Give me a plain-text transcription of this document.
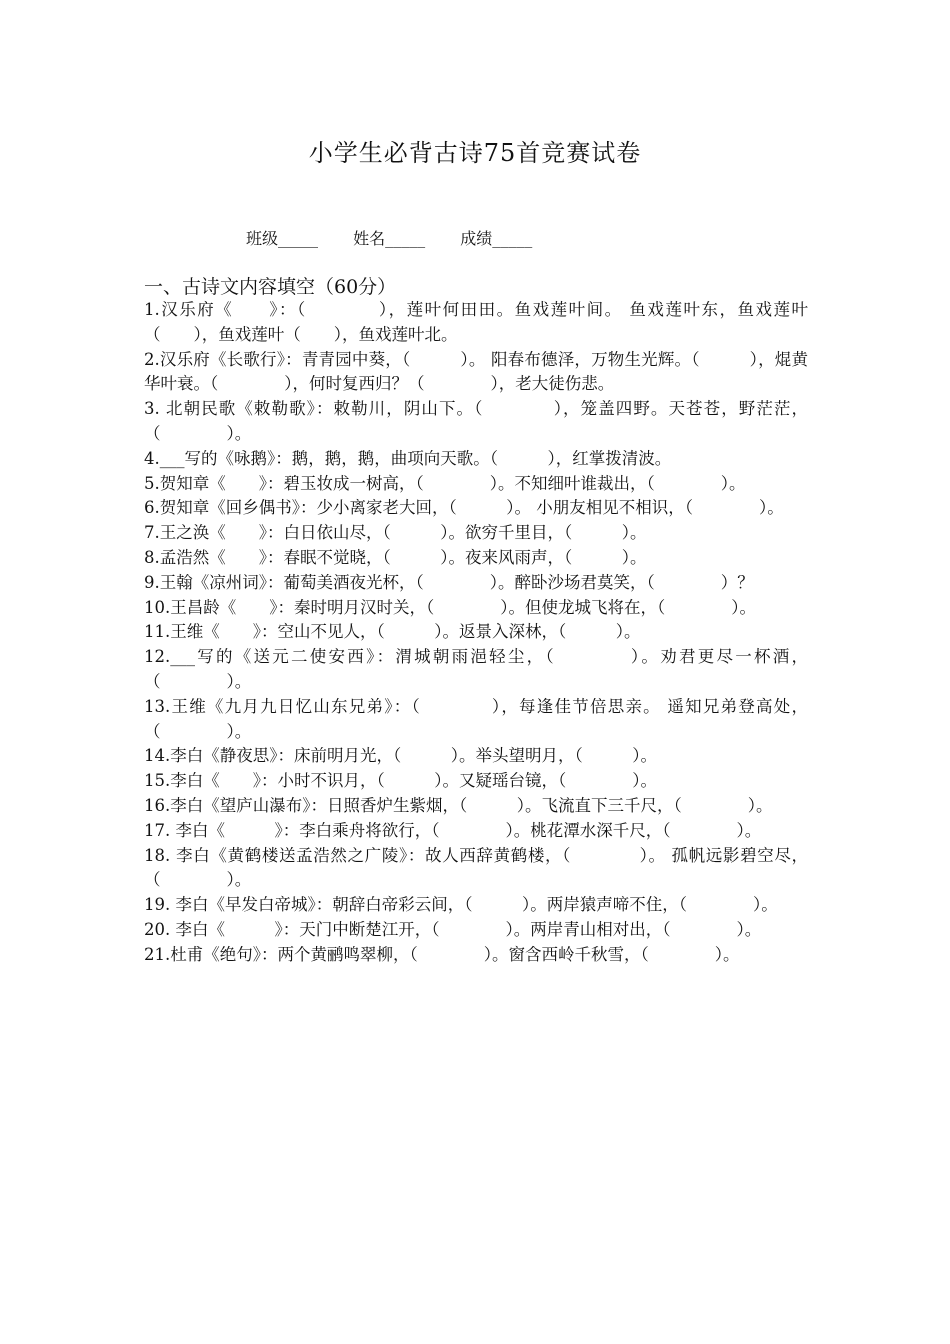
小学生必背古诗75首竞赛试卷
班级_____ 姓名_____ 成绩_____
一、古诗文内容填空（60分）

1.汉乐府《　　》：（　　　　），莲叶何田田。鱼戏莲叶间。 鱼戏莲叶东，鱼戏莲叶（　　），鱼戏莲叶（　　），鱼戏莲叶北。

2.汉乐府《长歌行》：青青园中葵，（　　　）。 阳春布德泽，万物生光辉。（　　　），焜黄华叶衰。（　　　　），何时复西归？（　　　　），老大徒伤悲。

3. 北朝民歌《敕勒歌》：敕勒川，阴山下。（　　　　），笼盖四野。天苍苍，野茫茫，（　　　　）。

4.___写的《咏鹅》：鹅，鹅，鹅，曲项向天歌。（　　　），红掌拨清波。

5.贺知章《　　》：碧玉妆成一树高，（　　　　）。不知细叶谁裁出，（　　　　）。

6.贺知章《回乡偶书》：少小离家老大回，（　　　）。 小朋友相见不相识，（　　　　）。

7.王之涣《　　》：白日依山尽，（　　　）。欲穷千里目，（　　　）。

8.孟浩然《　　》：春眠不觉晓，（　　　）。夜来风雨声，（　　　）。

9.王翰《凉州词》：葡萄美酒夜光杯，（　　　　）。醉卧沙场君莫笑，（　　　　）？

10.王昌龄《　　》：秦时明月汉时关，（　　　　）。但使龙城飞将在，（　　　　）。

11.王维《　　》：空山不见人，（　　　）。返景入深林，（　　　）。

12.___写的《送元二使安西》：渭城朝雨浥轻尘，（　　　　）。劝君更尽一杯酒，（　　　　）。

13.王维《九月九日忆山东兄弟》：（　　　　），每逢佳节倍思亲。 遥知兄弟登高处，（　　　　）。

14.李白《静夜思》：床前明月光，（　　　）。举头望明月，（　　　）。

15.李白《　　》：小时不识月，（　　　）。又疑瑶台镜，（　　　　）。

16.李白《望庐山瀑布》：日照香炉生紫烟，（　　　）。飞流直下三千尺，（　　　　）。

17. 李白《　　　》：李白乘舟将欲行，（　　　　）。桃花潭水深千尺，（　　　　）。

18. 李白《黄鹤楼送孟浩然之广陵》：故人西辞黄鹤楼，（　　　　）。 孤帆远影碧空尽，（　　　　）。

19. 李白《早发白帝城》：朝辞白帝彩云间，（　　　）。两岸猿声啼不住，（　　　　）。

20. 李白《　　　》：天门中断楚江开，（　　　　）。两岸青山相对出，（　　　　）。

21.杜甫《绝句》：两个黄鹂鸣翠柳，（　　　　）。窗含西岭千秋雪，（　　　　）。
